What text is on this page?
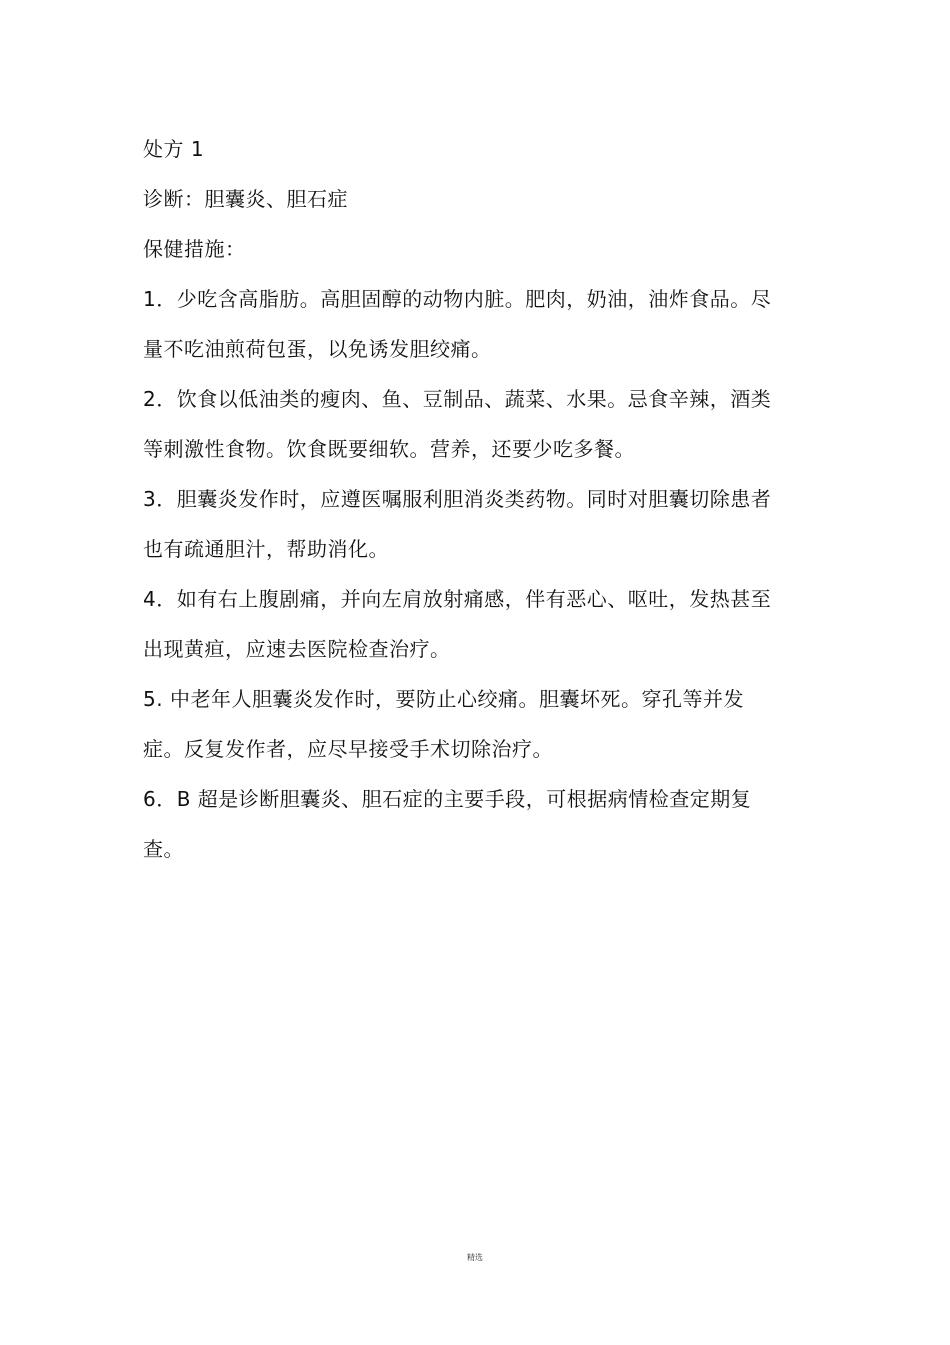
处方 1

诊断：胆囊炎、胆石症

保健措施：

1．少吃含高脂肪。高胆固醇的动物内脏。肥肉，奶油，油炸食品。尽量不吃油煎荷包蛋，以免诱发胆绞痛。

2．饮食以低油类的瘦肉、鱼、豆制品、蔬菜、水果。忌食辛辣，酒类等刺激性食物。饮食既要细软。营养，还要少吃多餐。

3．胆囊炎发作时，应遵医嘱服利胆消炎类药物。同时对胆囊切除患者也有疏通胆汁，帮助消化。

4．如有右上腹剧痛，并向左肩放射痛感，伴有恶心、呕吐，发热甚至出现黄疸，应速去医院检查治疗。

5. 中老年人胆囊炎发作时，要防止心绞痛。胆囊坏死。穿孔等并发症。反复发作者，应尽早接受手术切除治疗。

6．B 超是诊断胆囊炎、胆石症的主要手段，可根据病情检查定期复查。

精选
